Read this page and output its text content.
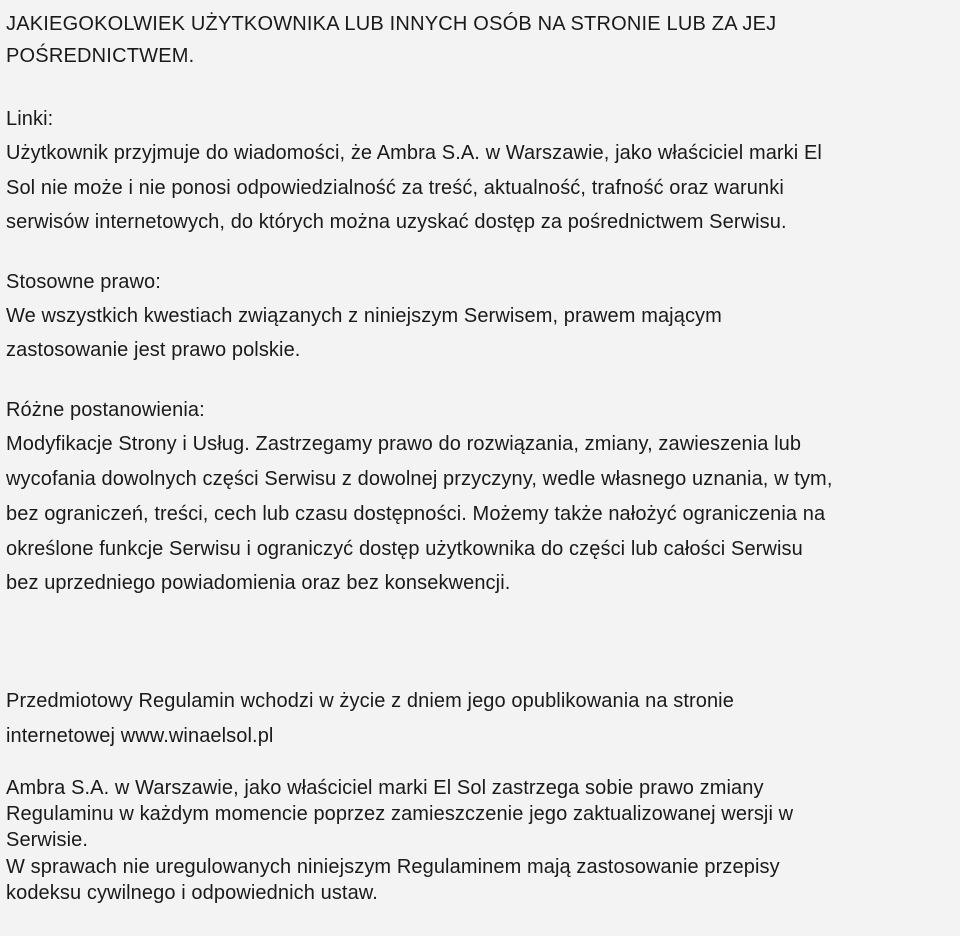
JAKIEGOKOLWIEK UŻYTKOWNIKA LUB INNYCH OSÓB NA STRONIE LUB ZA JEJ

POŚREDNICTWEM.

Linki:

Użytkownik przyjmuje do wiadomości, że Ambra S.A. w Warszawie, jako właściciel marki El

Sol nie może i nie ponosi odpowiedzialność za treść, aktualność, trafność oraz warunki

serwisów internetowych, do których można uzyskać dostęp za pośrednictwem Serwisu.

Stosowne prawo:

We wszystkich kwestiach związanych z niniejszym Serwisem, prawem mającym

zastosowanie jest prawo polskie.

Różne postanowienia:

Modyfikacje Strony i Usług. Zastrzegamy prawo do rozwiązania, zmiany, zawieszenia lub

wycofania dowolnych części Serwisu z dowolnej przyczyny, wedle własnego uznania, w tym,

bez ograniczeń, treści, cech lub czasu dostępności. Możemy także nałożyć ograniczenia na

określone funkcje Serwisu i ograniczyć dostęp użytkownika do części lub całości Serwisu

bez uprzedniego powiadomienia oraz bez konsekwencji.

Przedmiotowy Regulamin wchodzi w życie z dniem jego opublikowania na stronie

internetowej www.winaelsol.pl

Ambra S.A. w Warszawie, jako właściciel marki El Sol zastrzega sobie prawo zmiany

Regulaminu w każdym momencie poprzez zamieszczenie jego zaktualizowanej wersji w

Serwisie.

W sprawach nie uregulowanych niniejszym Regulaminem mają zastosowanie przepisy

kodeksu cywilnego i odpowiednich ustaw.
